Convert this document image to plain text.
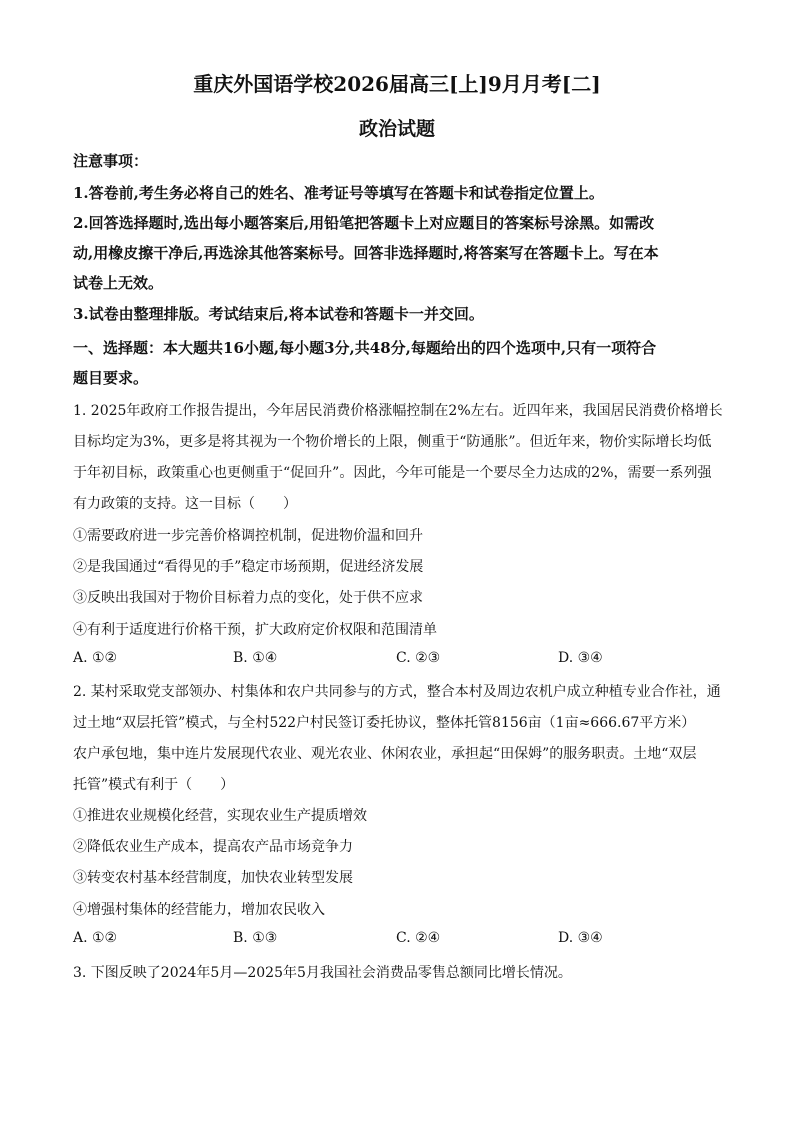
重庆外国语学校2026届高三[上]9月月考[二]
政治试题
注意事项：
1.答卷前,考生务必将自己的姓名、准考证号等填写在答题卡和试卷指定位置上。
2.回答选择题时,选出每小题答案后,用铅笔把答题卡上对应题目的答案标号涂黑。如需改
动,用橡皮擦干净后,再选涂其他答案标号。回答非选择题时,将答案写在答题卡上。写在本
试卷上无效。
3.试卷由整理排版。考试结束后,将本试卷和答题卡一并交回。
一、选择题：本大题共16小题,每小题3分,共48分,每题给出的四个选项中,只有一项符合
题目要求。
1. 2025年政府工作报告提出，今年居民消费价格涨幅控制在2%左右。近四年来，我国居民消费价格增长
目标均定为3%，更多是将其视为一个物价增长的上限，侧重于“防通胀”。但近年来，物价实际增长均低
于年初目标，政策重心也更侧重于“促回升”。因此，今年可能是一个要尽全力达成的2%，需要一系列强
有力政策的支持。这一目标（　　）
①需要政府进一步完善价格调控机制，促进物价温和回升
②是我国通过“看得见的手”稳定市场预期，促进经济发展
③反映出我国对于物价目标着力点的变化，处于供不应求
④有利于适度进行价格干预，扩大政府定价权限和范围清单
A. ①②	B. ①④	C. ②③	D. ③④
2. 某村采取党支部领办、村集体和农户共同参与的方式，整合本村及周边农机户成立种植专业合作社，通
过土地“双层托管”模式，与全村522户村民签订委托协议，整体托管8156亩（1亩≈666.67平方米）
农户承包地，集中连片发展现代农业、观光农业、休闲农业，承担起“田保姆”的服务职责。土地“双层
托管”模式有利于（　　）
①推进农业规模化经营，实现农业生产提质增效
②降低农业生产成本，提高农产品市场竞争力
③转变农村基本经营制度，加快农业转型发展
④增强村集体的经营能力，增加农民收入
A. ①②	B. ①③	C. ②④	D. ③④
3. 下图反映了2024年5月—2025年5月我国社会消费品零售总额同比增长情况。
